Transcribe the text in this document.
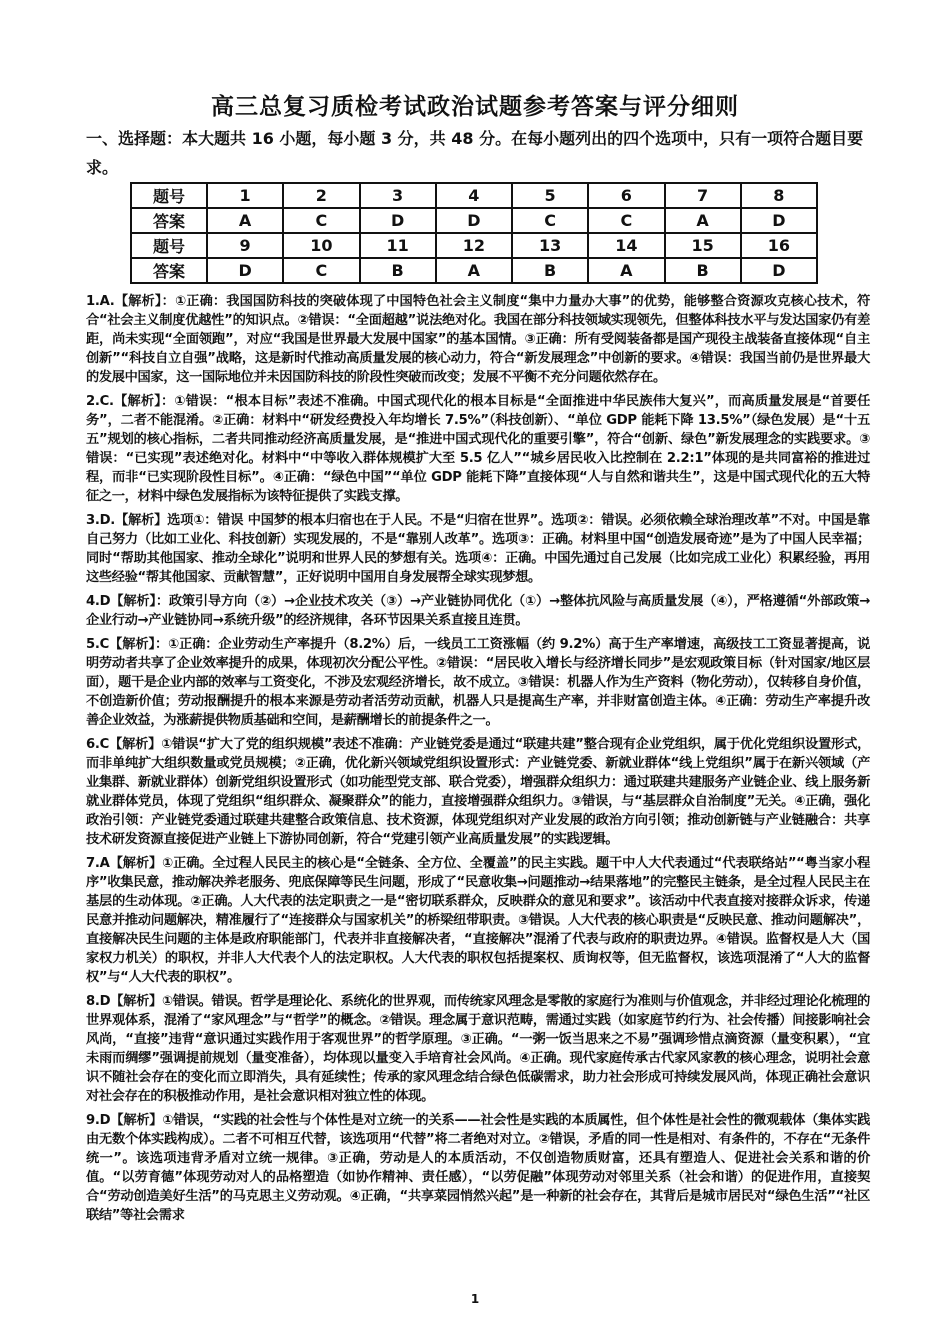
高三总复习质检考试政治试题参考答案与评分细则
一、选择题：本大题共 16 小题，每小题 3 分，共 48 分。在每小题列出的四个选项中，只有一项符合题目要求。
题号	1	2	3	4	5	6	7	8
答案	A	C	D	D	C	C	A	D
题号	9	10	11	12	13	14	15	16
答案	D	C	B	A	B	A	B	D
1.A.【解析】：①正确：我国国防科技的突破体现了中国特色社会主义制度“集中力量办大事”的优势，能够整合资源攻克核心技术，符合“社会主义制度优越性”的知识点。②错误：“全面超越”说法绝对化。我国在部分科技领域实现领先，但整体科技水平与发达国家仍有差距，尚未实现“全面领跑”，对应“我国是世界最大发展中国家”的基本国情。③正确：所有受阅装备都是国产现役主战装备直接体现“自主创新”“科技自立自强”战略，这是新时代推动高质量发展的核心动力，符合“新发展理念”中创新的要求。④错误：我国当前仍是世界最大的发展中国家，这一国际地位并未因国防科技的阶段性突破而改变；发展不平衡不充分问题依然存在。
2.C.【解析】：①错误：“根本目标”表述不准确。中国式现代化的根本目标是“全面推进中华民族伟大复兴”，而高质量发展是“首要任务”，二者不能混淆。②正确：材料中“研发经费投入年均增长 7.5%”（科技创新）、“单位 GDP 能耗下降 13.5%”（绿色发展）是“十五五”规划的核心指标，二者共同推动经济高质量发展，是“推进中国式现代化的重要引擎”，符合“创新、绿色”新发展理念的实践要求。③错误：“已实现”表述绝对化。材料中“中等收入群体规模扩大至 5.5 亿人”“城乡居民收入比控制在 2.2:1”体现的是共同富裕的推进过程，而非“已实现阶段性目标”。④正确：“绿色中国”“单位 GDP 能耗下降”直接体现“人与自然和谐共生”，这是中国式现代化的五大特征之一，材料中绿色发展指标为该特征提供了实践支撑。
3.D.【解析】选项①：错误 中国梦的根本归宿也在于人民。不是“归宿在世界”。选项②：错误。必须依赖全球治理改革”不对。中国是靠自己努力（比如工业化、科技创新）实现发展的，不是“靠别人改革”。选项③：正确。材料里中国“创造发展奇迹”是为了中国人民幸福；同时“帮助其他国家、推动全球化”说明和世界人民的梦想有关。选项④：正确。中国先通过自己发展（比如完成工业化）积累经验，再用这些经验“帮其他国家、贡献智慧”，正好说明中国用自身发展帮全球实现梦想。
4.D【解析】：政策引导方向（②）→企业技术攻关（③）→产业链协同优化（①）→整体抗风险与高质量发展（④），严格遵循“外部政策→企业行动→产业链协同→系统升级”的经济规律，各环节因果关系直接且连贯。
5.C【解析】：①正确：企业劳动生产率提升（8.2%）后，一线员工工资涨幅（约 9.2%）高于生产率增速，高级技工工资显著提高，说明劳动者共享了企业效率提升的成果，体现初次分配公平性。②错误：“居民收入增长与经济增长同步”是宏观政策目标（针对国家/地区层面），题干是企业内部的效率与工资变化，不涉及宏观经济增长，故不成立。③错误：机器人作为生产资料（物化劳动），仅转移自身价值，不创造新价值；劳动报酬提升的根本来源是劳动者活劳动贡献，机器人只是提高生产率，并非财富创造主体。④正确：劳动生产率提升改善企业效益，为涨薪提供物质基础和空间，是薪酬增长的前提条件之一。
6.C【解析】①错误“扩大了党的组织规模”表述不准确：产业链党委是通过“联建共建”整合现有企业党组织，属于优化党组织设置形式，而非单纯扩大组织数量或党员规模；②正确，优化新兴领域党组织设置形式：产业链党委、新就业群体“线上党组织”属于在新兴领域（产业集群、新就业群体）创新党组织设置形式（如功能型党支部、联合党委），增强群众组织力：通过联建共建服务产业链企业、线上服务新就业群体党员，体现了党组织“组织群众、凝聚群众”的能力，直接增强群众组织力。③错误，与“基层群众自治制度”无关。④正确，强化政治引领：产业链党委通过联建共建整合政策信息、技术资源，体现党组织对产业发展的政治方向引领；推动创新链与产业链融合：共享技术研发资源直接促进产业链上下游协同创新，符合“党建引领产业高质量发展”的实践逻辑。
7.A【解析】①正确。全过程人民民主的核心是“全链条、全方位、全覆盖”的民主实践。题干中人大代表通过“代表联络站”“粤当家小程序”收集民意，推动解决养老服务、兜底保障等民生问题，形成了“民意收集→问题推动→结果落地”的完整民主链条，是全过程人民民主在基层的生动体现。②正确。人大代表的法定职责之一是“密切联系群众，反映群众的意见和要求”。该活动中代表直接对接群众诉求，传递民意并推动问题解决，精准履行了“连接群众与国家机关”的桥梁纽带职责。③错误。人大代表的核心职责是“反映民意、推动问题解决”，直接解决民生问题的主体是政府职能部门，代表并非直接解决者，“直接解决”混淆了代表与政府的职责边界。④错误。监督权是人大（国家权力机关）的职权，并非人大代表个人的法定职权。人大代表的职权包括提案权、质询权等，但无监督权，该选项混淆了“人大的监督权”与“人大代表的职权”。
8.D【解析】①错误。错误。哲学是理论化、系统化的世界观，而传统家风理念是零散的家庭行为准则与价值观念，并非经过理论化梳理的世界观体系，混淆了“家风理念”与“哲学”的概念。②错误。理念属于意识范畴，需通过实践（如家庭节约行为、社会传播）间接影响社会风尚，“直接”违背“意识通过实践作用于客观世界”的哲学原理。③正确。“一粥一饭当思来之不易”强调珍惜点滴资源（量变积累），“宜未雨而绸缪”强调提前规划（量变准备），均体现以量变入手培育社会风尚。④正确。现代家庭传承古代家风家教的核心理念，说明社会意识不随社会存在的变化而立即消失，具有延续性；传承的家风理念结合绿色低碳需求，助力社会形成可持续发展风尚，体现正确社会意识对社会存在的积极推动作用，是社会意识相对独立性的体现。
9.D【解析】①错误，“实践的社会性与个体性是对立统一的关系——社会性是实践的本质属性，但个体性是社会性的微观载体（集体实践由无数个体实践构成）。二者不可相互代替，该选项用“代替”将二者绝对对立。②错误，矛盾的同一性是相对、有条件的，不存在“无条件统一”。该选项违背矛盾对立统一规律。③正确，劳动是人的本质活动，不仅创造物质财富，还具有塑造人、促进社会关系和谐的价值。“以劳育德”体现劳动对人的品格塑造（如协作精神、责任感），“以劳促融”体现劳动对邻里关系（社会和谐）的促进作用，直接契合“劳动创造美好生活”的马克思主义劳动观。④正确，“共享菜园悄然兴起”是一种新的社会存在，其背后是城市居民对“绿色生活”“社区联结”等社会需求
1
